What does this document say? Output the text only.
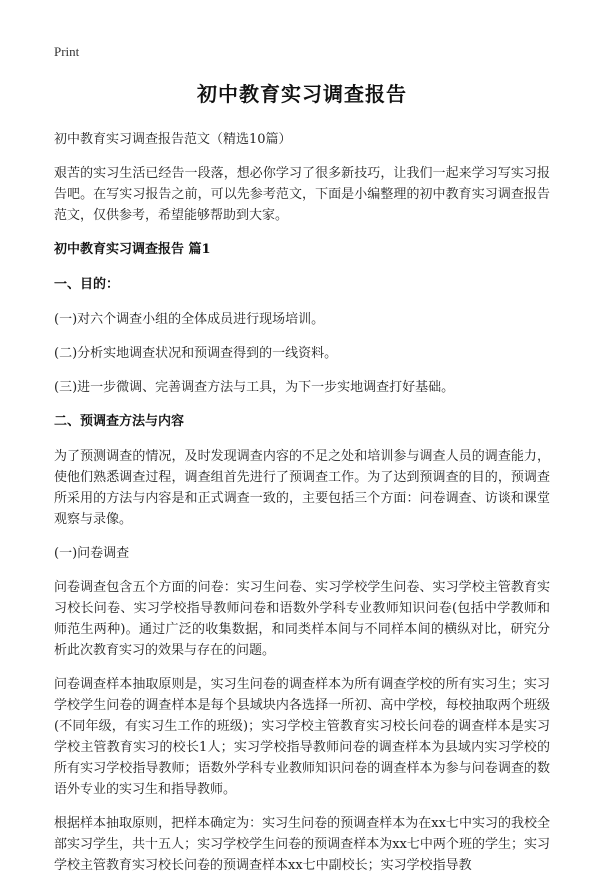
Print
初中教育实习调查报告
初中教育实习调查报告范文（精选10篇）
艰苦的实习生活已经告一段落，想必你学习了很多新技巧，让我们一起来学习写实习报告吧。在写实习报告之前，可以先参考范文，下面是小编整理的初中教育实习调查报告范文，仅供参考，希望能够帮助到大家。
初中教育实习调查报告 篇1
一、目的：
(一)对六个调查小组的全体成员进行现场培训。
(二)分析实地调查状况和预调查得到的一线资料。
(三)进一步微调、完善调查方法与工具，为下一步实地调查打好基础。
二、预调查方法与内容
为了预测调查的情况，及时发现调查内容的不足之处和培训参与调查人员的调查能力，使他们熟悉调查过程，调查组首先进行了预调查工作。为了达到预调查的目的，预调查所采用的方法与内容是和正式调查一致的，主要包括三个方面：问卷调查、访谈和课堂观察与录像。
(一)问卷调查
问卷调查包含五个方面的问卷：实习生问卷、实习学校学生问卷、实习学校主管教育实习校长问卷、实习学校指导教师问卷和语数外学科专业教师知识问卷(包括中学教师和师范生两种)。通过广泛的收集数据，和同类样本间与不同样本间的横纵对比，研究分析此次教育实习的效果与存在的问题。
问卷调查样本抽取原则是，实习生问卷的调查样本为所有调查学校的所有实习生；实习学校学生问卷的调查样本是每个县域块内各选择一所初、高中学校，每校抽取两个班级(不同年级，有实习生工作的班级)；实习学校主管教育实习校长问卷的调查样本是实习学校主管教育实习的校长1人；实习学校指导教师问卷的调查样本为县域内实习学校的所有实习学校指导教师；语数外学科专业教师知识问卷的调查样本为参与问卷调查的数语外专业的实习生和指导教师。
根据样本抽取原则，把样本确定为：实习生问卷的预调查样本为在xx七中实习的我校全部实习学生，共十五人；实习学校学生问卷的预调查样本为xx七中两个班的学生；实习学校主管教育实习校长问卷的预调查样本xx七中副校长；实习学校指导教
